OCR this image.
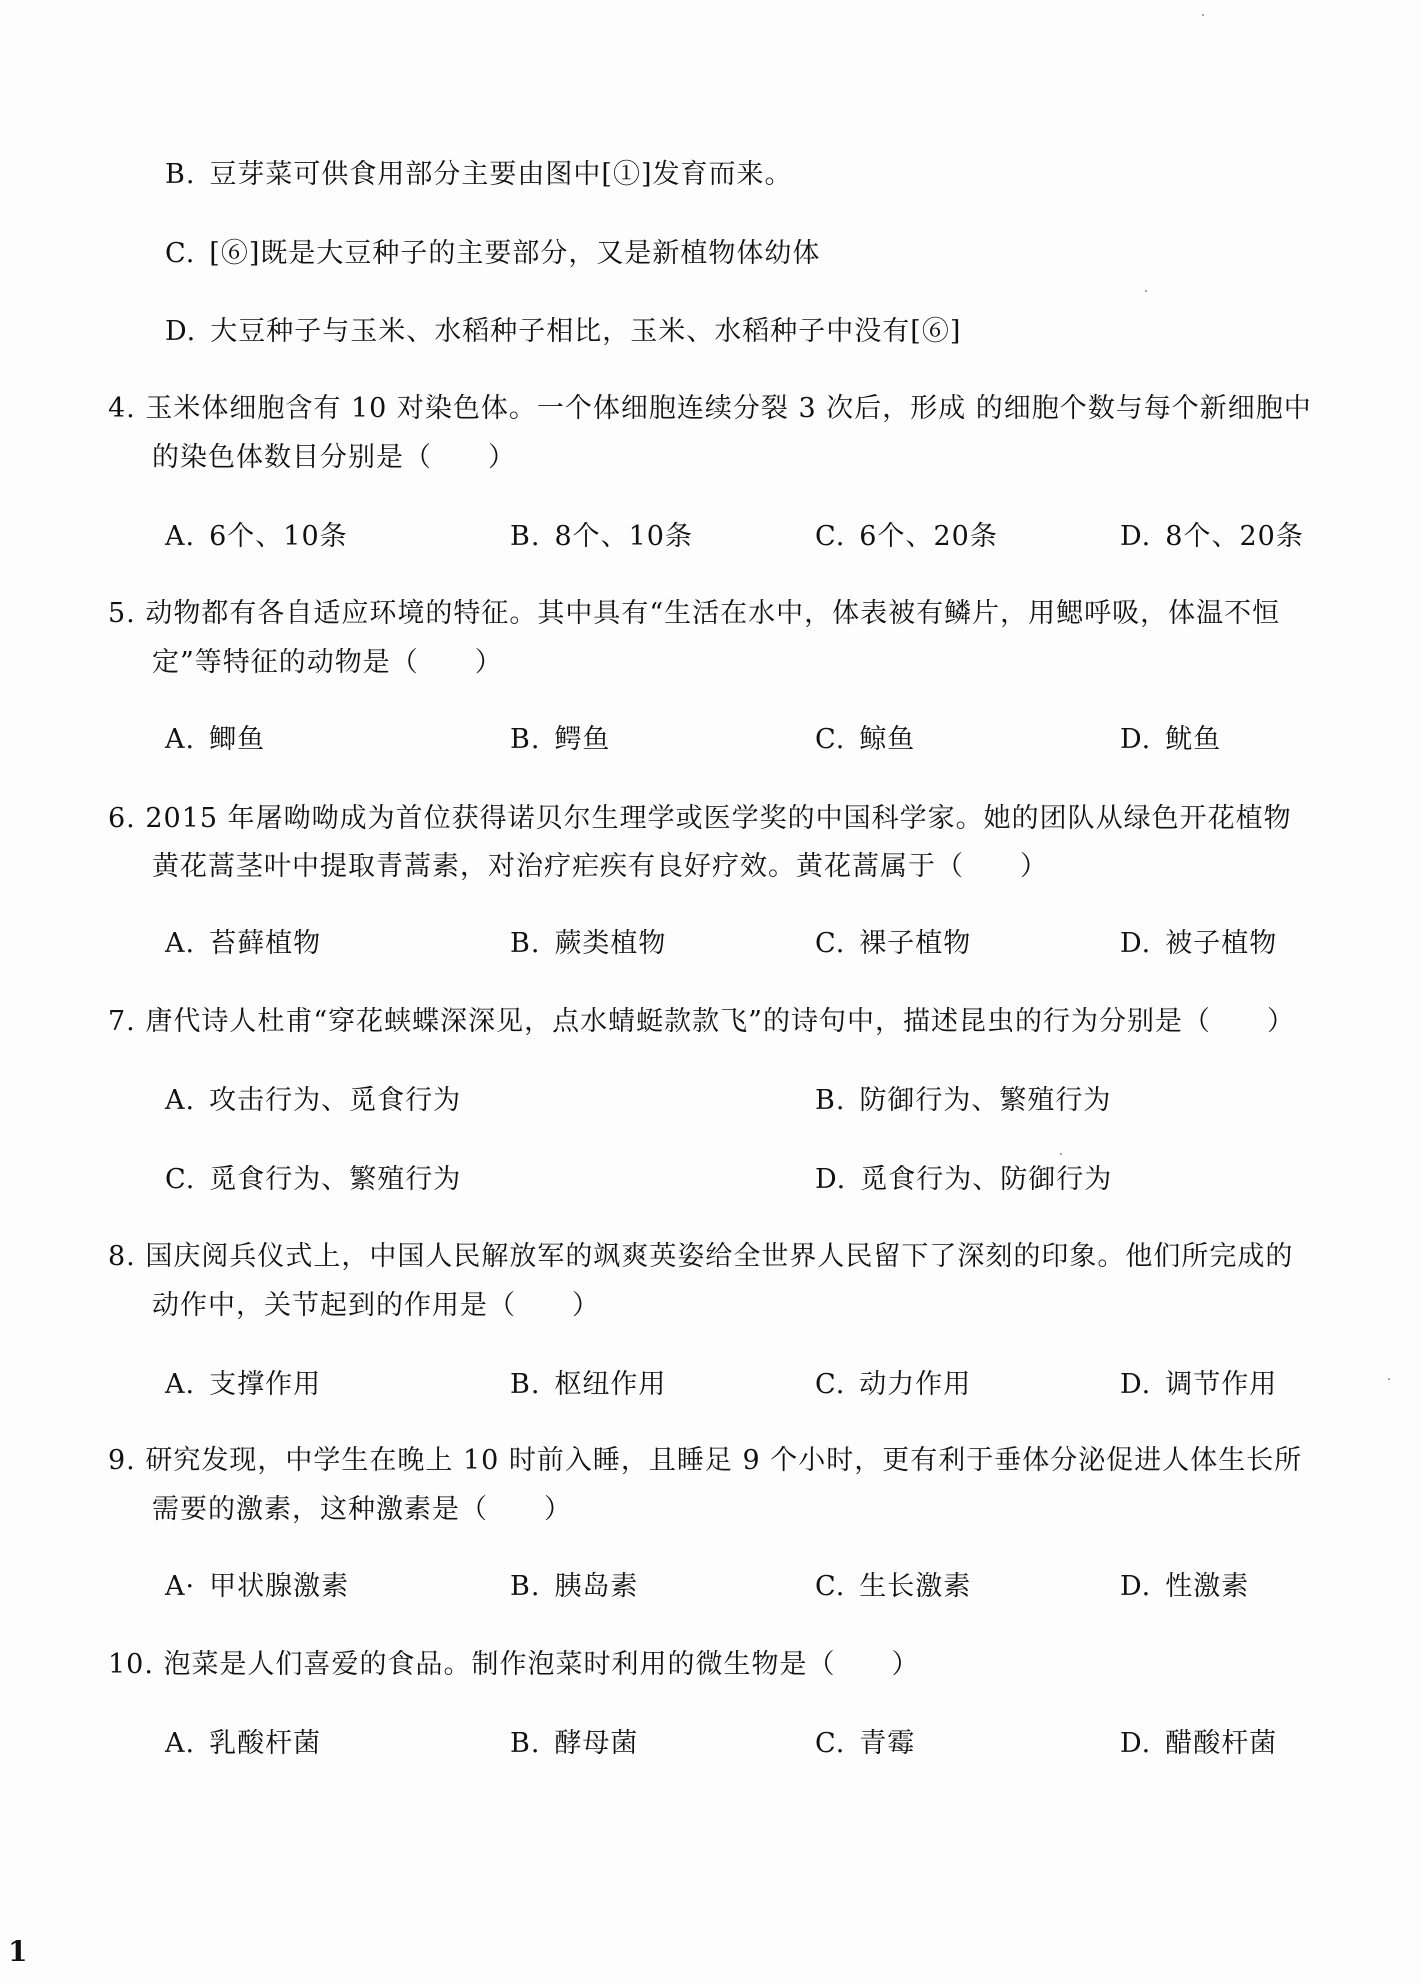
B. 豆芽菜可供食用部分主要由图中[①]发育而来。
C. [⑥]既是大豆种子的主要部分，又是新植物体幼体
D. 大豆种子与玉米、水稻种子相比，玉米、水稻种子中没有[⑥]
4. 玉米体细胞含有 10 对染色体。一个体细胞连续分裂 3 次后，形成 的细胞个数与每个新细胞中
的染色体数目分别是（　　）
A. 6个、10条	B. 8个、10条	C. 6个、20条	D. 8个、20条
5. 动物都有各自适应环境的特征。其中具有“生活在水中，体表被有鳞片，用鳃呼吸，体温不恒
定”等特征的动物是（　　）
A. 鲫鱼	B. 鳄鱼	C. 鲸鱼	D. 鱿鱼
6. 2015 年屠呦呦成为首位获得诺贝尔生理学或医学奖的中国科学家。她的团队从绿色开花植物
黄花蒿茎叶中提取青蒿素，对治疗疟疾有良好疗效。黄花蒿属于（　　）
A. 苔藓植物	B. 蕨类植物	C. 裸子植物	D. 被子植物
7. 唐代诗人杜甫“穿花蛱蝶深深见，点水蜻蜓款款飞”的诗句中，描述昆虫的行为分别是（　　）
A. 攻击行为、觅食行为	B. 防御行为、繁殖行为
C. 觅食行为、繁殖行为	D. 觅食行为、防御行为
8. 国庆阅兵仪式上，中国人民解放军的飒爽英姿给全世界人民留下了深刻的印象。他们所完成的
动作中，关节起到的作用是（　　）
A. 支撑作用	B. 枢纽作用	C. 动力作用	D. 调节作用
9. 研究发现，中学生在晚上 10 时前入睡，且睡足 9 个小时，更有利于垂体分泌促进人体生长所
需要的激素，这种激素是（　　）
A· 甲状腺激素	B. 胰岛素	C. 生长激素	D. 性激素
10. 泡菜是人们喜爱的食品。制作泡菜时利用的微生物是（　　）
A. 乳酸杆菌	B. 酵母菌	C. 青霉	D. 醋酸杆菌
1
